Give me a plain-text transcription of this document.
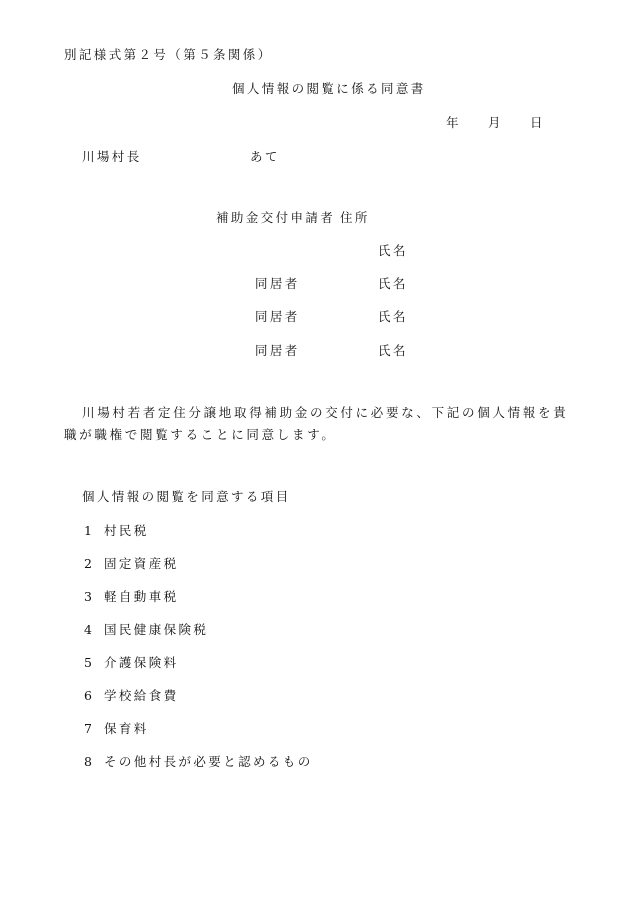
別記様式第２号（第５条関係）
個人情報の閲覧に係る同意書
年 月 日
川場村長	あて
補助金交付申請者 住所
氏名
同居者	氏名
同居者	氏名
同居者	氏名
川場村若者定住分譲地取得補助金の交付に必要な、下記の個人情報を貴職が職権で閲覧することに同意します。
個人情報の閲覧を同意する項目
1 村民税
2 固定資産税
3 軽自動車税
4 国民健康保険税
5 介護保険料
6 学校給食費
7 保育料
8 その他村長が必要と認めるもの
